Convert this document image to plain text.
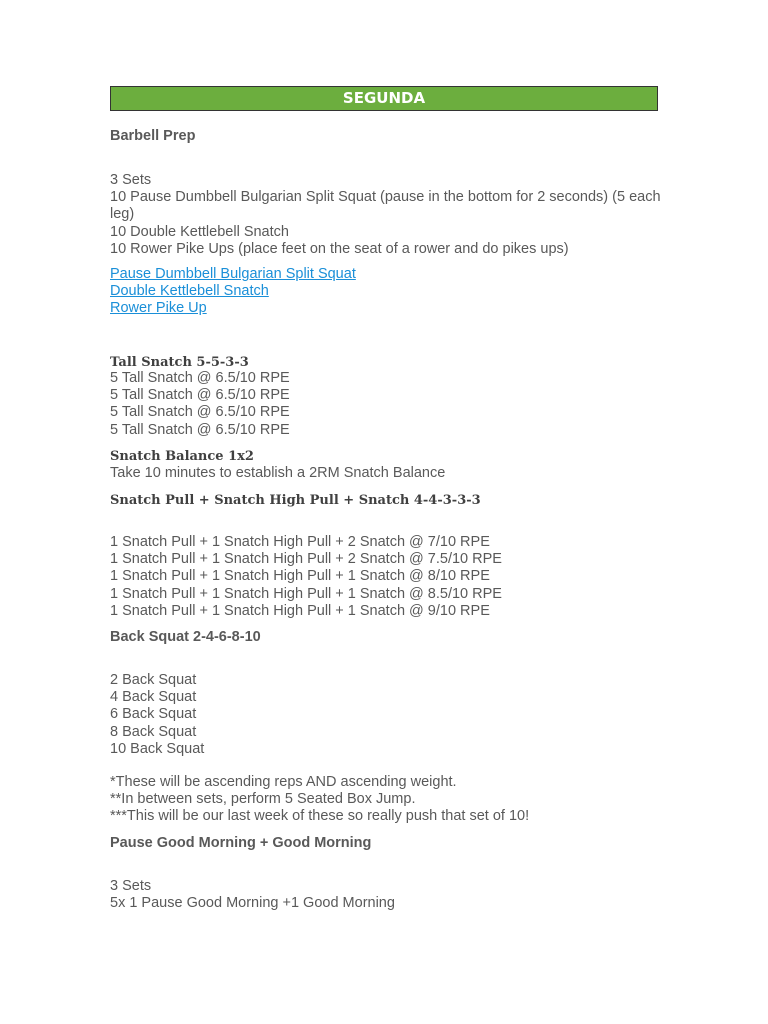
SEGUNDA
Barbell Prep
3 Sets
10 Pause Dumbbell Bulgarian Split Squat (pause in the bottom for 2 seconds) (5 each leg)
10 Double Kettlebell Snatch
10 Rower Pike Ups (place feet on the seat of a rower and do pikes ups)
Pause Dumbbell Bulgarian Split Squat
Double Kettlebell Snatch
Rower Pike Up
Tall Snatch 5-5-3-3
5 Tall Snatch @ 6.5/10 RPE
5 Tall Snatch @ 6.5/10 RPE
5 Tall Snatch @ 6.5/10 RPE
5 Tall Snatch @ 6.5/10 RPE
Snatch Balance 1x2
Take 10 minutes to establish a 2RM Snatch Balance
Snatch Pull + Snatch High Pull + Snatch 4-4-3-3-3
1 Snatch Pull + 1 Snatch High Pull + 2 Snatch @ 7/10 RPE
1 Snatch Pull + 1 Snatch High Pull + 2 Snatch @ 7.5/10 RPE
1 Snatch Pull + 1 Snatch High Pull + 1 Snatch @ 8/10 RPE
1 Snatch Pull + 1 Snatch High Pull + 1 Snatch @ 8.5/10 RPE
1 Snatch Pull + 1 Snatch High Pull + 1 Snatch @ 9/10 RPE
Back Squat 2-4-6-8-10
2 Back Squat
4 Back Squat
6 Back Squat
8 Back Squat
10 Back Squat
*These will be ascending reps AND ascending weight.
**In between sets, perform 5 Seated Box Jump.
***This will be our last week of these so really push that set of 10!
Pause Good Morning + Good Morning
3 Sets
5x 1 Pause Good Morning +1 Good Morning
